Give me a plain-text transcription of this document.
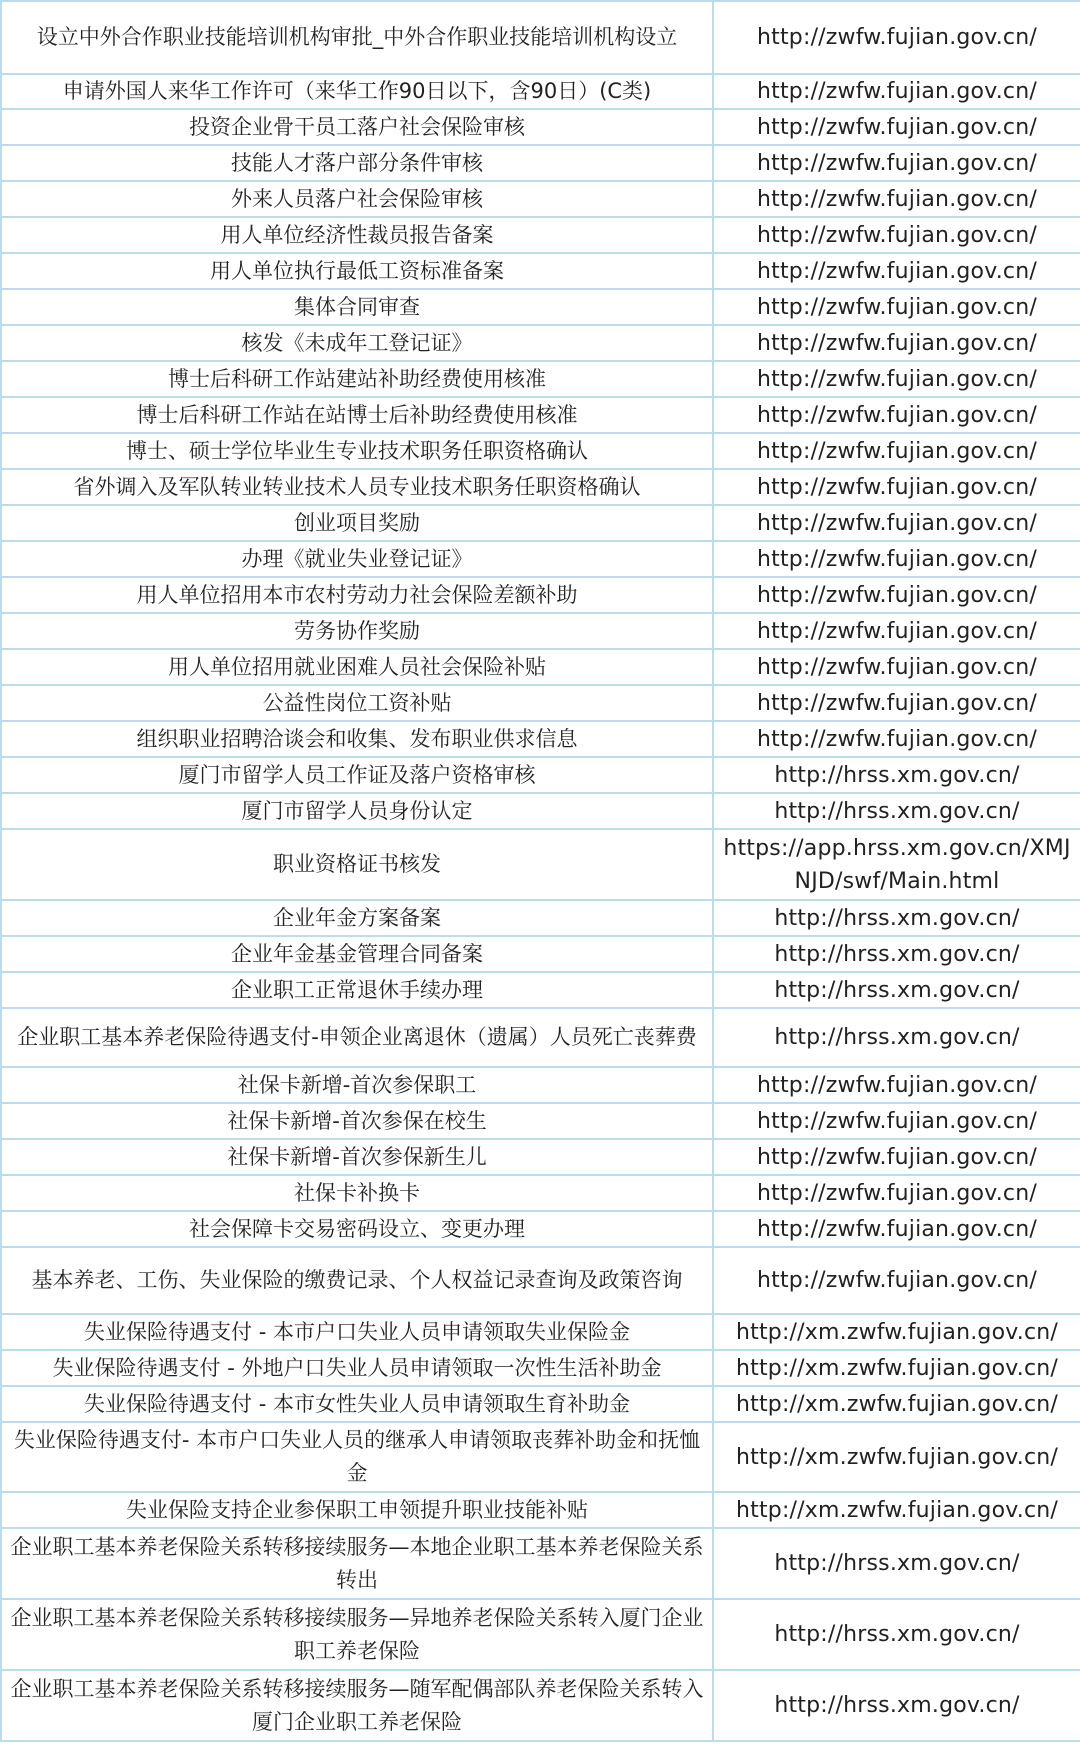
设立中外合作职业技能培训机构审批_中外合作职业技能培训机构设立	http://zwfw.fujian.gov.cn/
申请外国人来华工作许可（来华工作90日以下，含90日）(C类)	http://zwfw.fujian.gov.cn/
投资企业骨干员工落户社会保险审核	http://zwfw.fujian.gov.cn/
技能人才落户部分条件审核	http://zwfw.fujian.gov.cn/
外来人员落户社会保险审核	http://zwfw.fujian.gov.cn/
用人单位经济性裁员报告备案	http://zwfw.fujian.gov.cn/
用人单位执行最低工资标准备案	http://zwfw.fujian.gov.cn/
集体合同审查	http://zwfw.fujian.gov.cn/
核发《未成年工登记证》	http://zwfw.fujian.gov.cn/
博士后科研工作站建站补助经费使用核准	http://zwfw.fujian.gov.cn/
博士后科研工作站在站博士后补助经费使用核准	http://zwfw.fujian.gov.cn/
博士、硕士学位毕业生专业技术职务任职资格确认	http://zwfw.fujian.gov.cn/
省外调入及军队转业转业技术人员专业技术职务任职资格确认	http://zwfw.fujian.gov.cn/
创业项目奖励	http://zwfw.fujian.gov.cn/
办理《就业失业登记证》	http://zwfw.fujian.gov.cn/
用人单位招用本市农村劳动力社会保险差额补助	http://zwfw.fujian.gov.cn/
劳务协作奖励	http://zwfw.fujian.gov.cn/
用人单位招用就业困难人员社会保险补贴	http://zwfw.fujian.gov.cn/
公益性岗位工资补贴	http://zwfw.fujian.gov.cn/
组织职业招聘洽谈会和收集、发布职业供求信息	http://zwfw.fujian.gov.cn/
厦门市留学人员工作证及落户资格审核	http://hrss.xm.gov.cn/
厦门市留学人员身份认定	http://hrss.xm.gov.cn/
职业资格证书核发	https://app.hrss.xm.gov.cn/XMJNJD/swf/Main.html
企业年金方案备案	http://hrss.xm.gov.cn/
企业年金基金管理合同备案	http://hrss.xm.gov.cn/
企业职工正常退休手续办理	http://hrss.xm.gov.cn/
企业职工基本养老保险待遇支付-申领企业离退休（遗属）人员死亡丧葬费	http://hrss.xm.gov.cn/
社保卡新增-首次参保职工	http://zwfw.fujian.gov.cn/
社保卡新增-首次参保在校生	http://zwfw.fujian.gov.cn/
社保卡新增-首次参保新生儿	http://zwfw.fujian.gov.cn/
社保卡补换卡	http://zwfw.fujian.gov.cn/
社会保障卡交易密码设立、变更办理	http://zwfw.fujian.gov.cn/
基本养老、工伤、失业保险的缴费记录、个人权益记录查询及政策咨询	http://zwfw.fujian.gov.cn/
失业保险待遇支付 - 本市户口失业人员申请领取失业保险金	http://xm.zwfw.fujian.gov.cn/
失业保险待遇支付 - 外地户口失业人员申请领取一次性生活补助金	http://xm.zwfw.fujian.gov.cn/
失业保险待遇支付 - 本市女性失业人员申请领取生育补助金	http://xm.zwfw.fujian.gov.cn/
失业保险待遇支付- 本市户口失业人员的继承人申请领取丧葬补助金和抚恤金	http://xm.zwfw.fujian.gov.cn/
失业保险支持企业参保职工申领提升职业技能补贴	http://xm.zwfw.fujian.gov.cn/
企业职工基本养老保险关系转移接续服务—本地企业职工基本养老保险关系转出	http://hrss.xm.gov.cn/
企业职工基本养老保险关系转移接续服务—异地养老保险关系转入厦门企业职工养老保险	http://hrss.xm.gov.cn/
企业职工基本养老保险关系转移接续服务—随军配偶部队养老保险关系转入厦门企业职工养老保险	http://hrss.xm.gov.cn/
